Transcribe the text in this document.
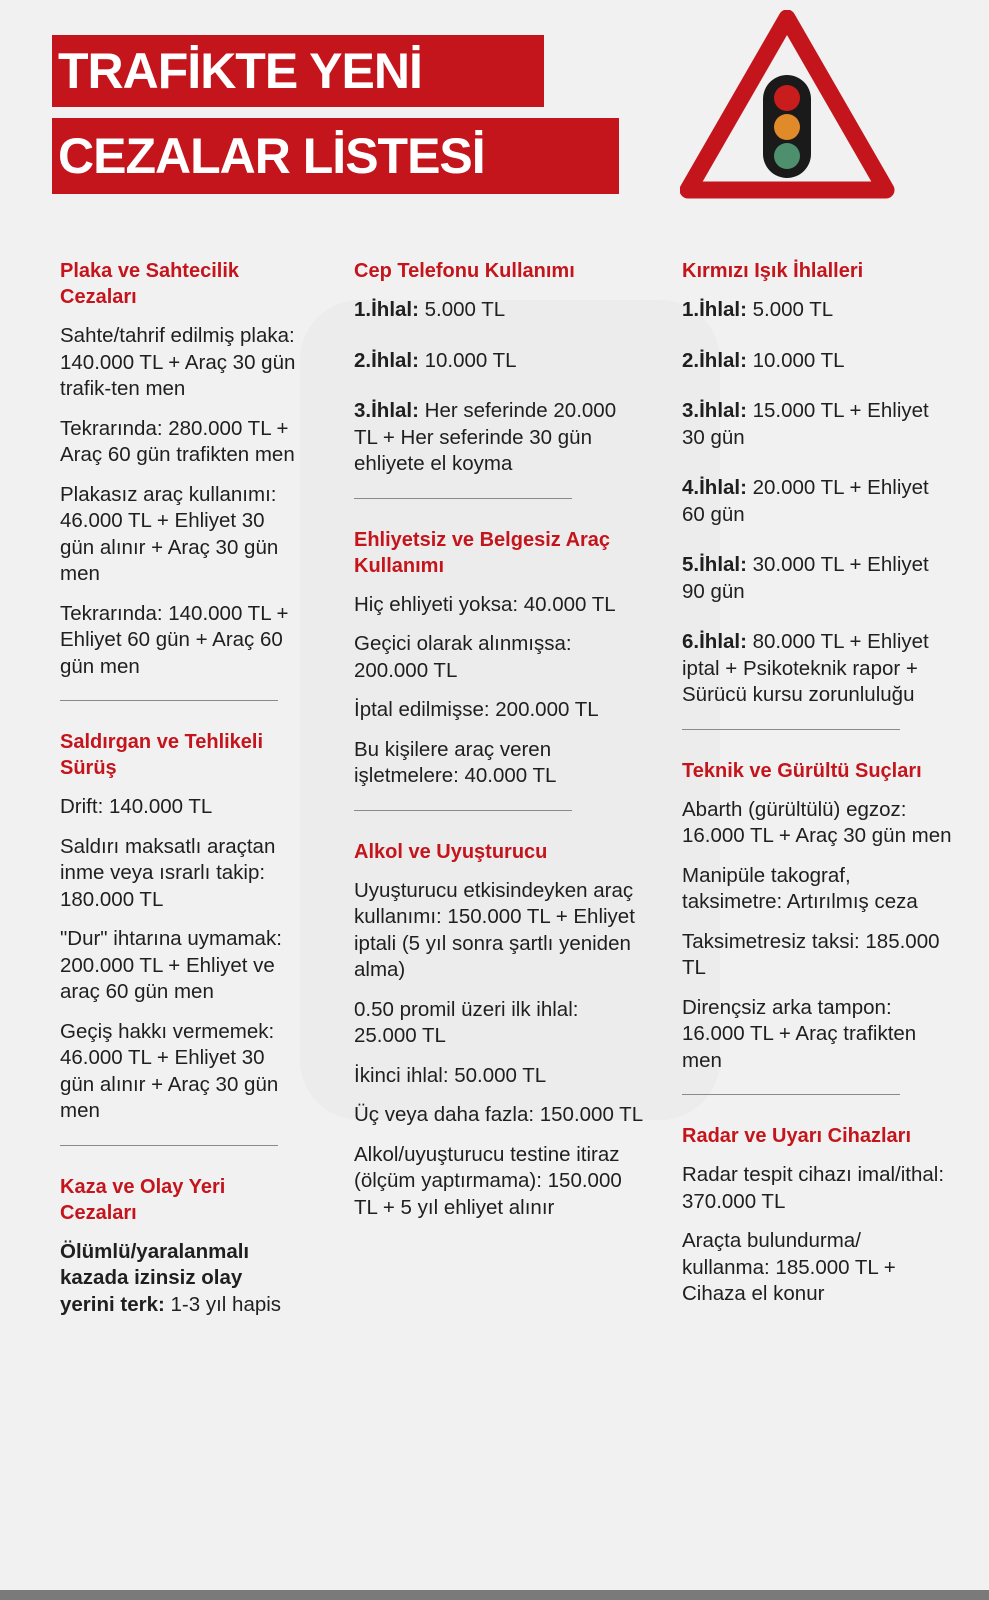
TRAFİKTE YENİ
CEZALAR LİSTESİ
Plaka ve Sahtecilik Cezaları
Sahte/tahrif edilmiş plaka: 140.000 TL + Araç 30 gün trafik-ten men
Tekrarında: 280.000 TL + Araç 60 gün trafikten men
Plakasız araç kullanımı: 46.000 TL + Ehliyet 30 gün alınır + Araç 30 gün men
Tekrarında: 140.000 TL + Ehliyet 60 gün + Araç 60 gün men
Saldırgan ve Tehlikeli Sürüş
Drift: 140.000 TL
Saldırı maksatlı araçtan inme veya ısrarlı takip: 180.000 TL
"Dur" ihtarına uymamak: 200.000 TL + Ehliyet ve araç 60 gün men
Geçiş hakkı vermemek: 46.000 TL + Ehliyet 30 gün alınır + Araç 30 gün men
Kaza ve Olay Yeri Cezaları
Ölümlü/yaralanmalı kazada izinsiz olay yerini terk: 1-3 yıl hapis
Cep Telefonu Kullanımı
1.İhlal: 5.000 TL
2.İhlal: 10.000 TL
3.İhlal: Her seferinde 20.000 TL + Her seferinde 30 gün ehliyete el koyma
Ehliyetsiz ve Belgesiz Araç Kullanımı
Hiç ehliyeti yoksa: 40.000 TL
Geçici olarak alınmışsa: 200.000 TL
İptal edilmişse: 200.000 TL
Bu kişilere araç veren işletmelere: 40.000 TL
Alkol ve Uyuşturucu
Uyuşturucu etkisindeyken araç kullanımı: 150.000 TL + Ehliyet iptali (5 yıl sonra şartlı yeniden alma)
0.50 promil üzeri ilk ihlal: 25.000 TL
İkinci ihlal: 50.000 TL
Üç veya daha fazla: 150.000 TL
Alkol/uyuşturucu testine itiraz (ölçüm yaptırmama): 150.000 TL + 5 yıl ehliyet alınır
Kırmızı Işık İhlalleri
1.İhlal: 5.000 TL
2.İhlal: 10.000 TL
3.İhlal: 15.000 TL + Ehliyet 30 gün
4.İhlal: 20.000 TL + Ehliyet 60 gün
5.İhlal: 30.000 TL + Ehliyet 90 gün
6.İhlal: 80.000 TL + Ehliyet iptal + Psikoteknik rapor + Sürücü kursu zorunluluğu
Teknik ve Gürültü Suçları
Abarth (gürültülü) egzoz: 16.000 TL + Araç 30 gün men
Manipüle takograf, taksimetre: Artırılmış ceza
Taksimetresiz taksi: 185.000 TL
Dirençsiz arka tampon: 16.000 TL + Araç trafikten men
Radar ve Uyarı Cihazları
Radar tespit cihazı imal/ithal: 370.000 TL
Araçta bulundurma/ kullanma: 185.000 TL + Cihaza el konur
